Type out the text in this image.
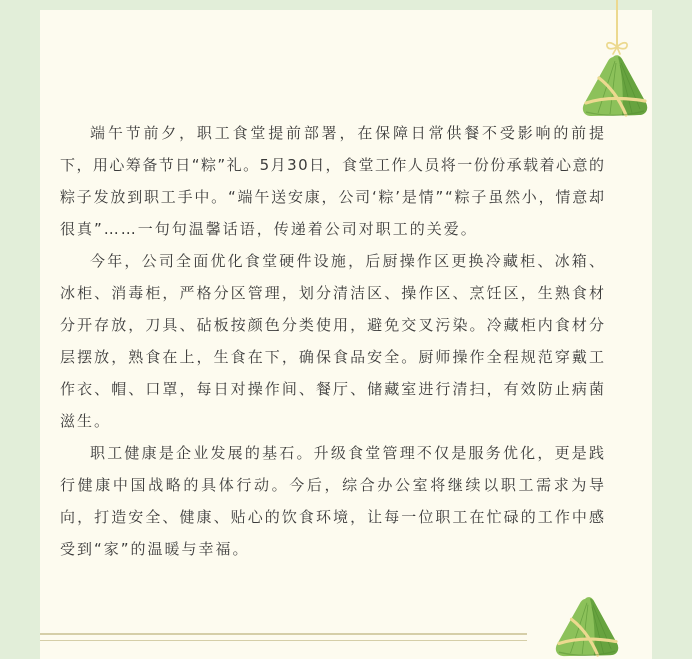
端午节前夕，职工食堂提前部署，在保障日常供餐不受影响的前提
下，用心筹备节日“粽”礼。5月30日，食堂工作人员将一份份承载着心意的
粽子发放到职工手中。“端午送安康，公司‘粽’是情”“粽子虽然小，情意却
很真”……一句句温馨话语，传递着公司对职工的关爱。

今年，公司全面优化食堂硬件设施，后厨操作区更换冷藏柜、冰箱、
冰柜、消毒柜，严格分区管理，划分清洁区、操作区、烹饪区，生熟食材
分开存放，刀具、砧板按颜色分类使用，避免交叉污染。冷藏柜内食材分
层摆放，熟食在上，生食在下，确保食品安全。厨师操作全程规范穿戴工
作衣、帽、口罩，每日对操作间、餐厅、储藏室进行清扫，有效防止病菌
滋生。

职工健康是企业发展的基石。升级食堂管理不仅是服务优化，更是践
行健康中国战略的具体行动。今后，综合办公室将继续以职工需求为导
向，打造安全、健康、贴心的饮食环境，让每一位职工在忙碌的工作中感
受到“家”的温暖与幸福。
